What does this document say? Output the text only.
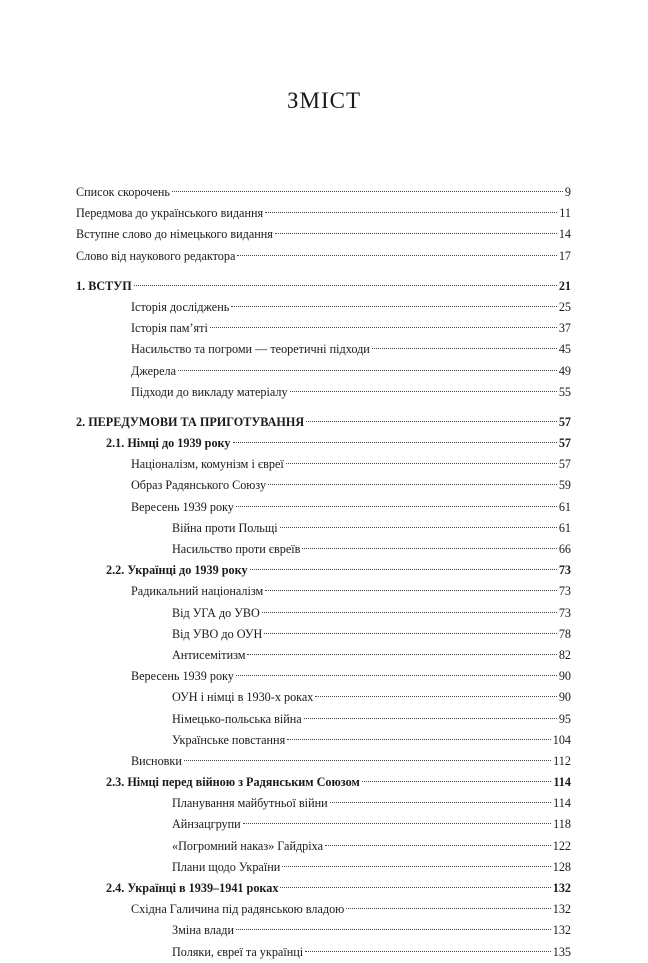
ЗМІСТ
Список скорочень	9
Передмова до українського видання	11
Вступне слово до німецького видання	14
Слово від наукового редактора	17
1. ВСТУП	21
Історія досліджень	25
Історія пам’яті	37
Насильство та погроми — теоретичні підходи	45
Джерела	49
Підходи до викладу матеріалу	55
2. ПЕРЕДУМОВИ ТА ПРИГОТУВАННЯ	57
2.1. Німці до 1939 року	57
Націоналізм, комунізм і євреї	57
Образ Радянського Союзу	59
Вересень 1939 року	61
Війна проти Польщі	61
Насильство проти євреїв	66
2.2. Українці до 1939 року	73
Радикальний націоналізм	73
Від УГА до УВО	73
Від УВО до ОУН	78
Антисемітизм	82
Вересень 1939 року	90
ОУН і німці в 1930-х роках	90
Німецько-польська війна	95
Українське повстання	104
Висновки	112
2.3. Німці перед війною з Радянським Союзом	114
Планування майбутньої війни	114
Айнзацгрупи	118
«Погромний наказ» Гайдріха	122
Плани щодо України	128
2.4. Українці в 1939–1941 роках	132
Східна Галичина під радянською владою	132
Зміна влади	132
Поляки, євреї та українці	135
